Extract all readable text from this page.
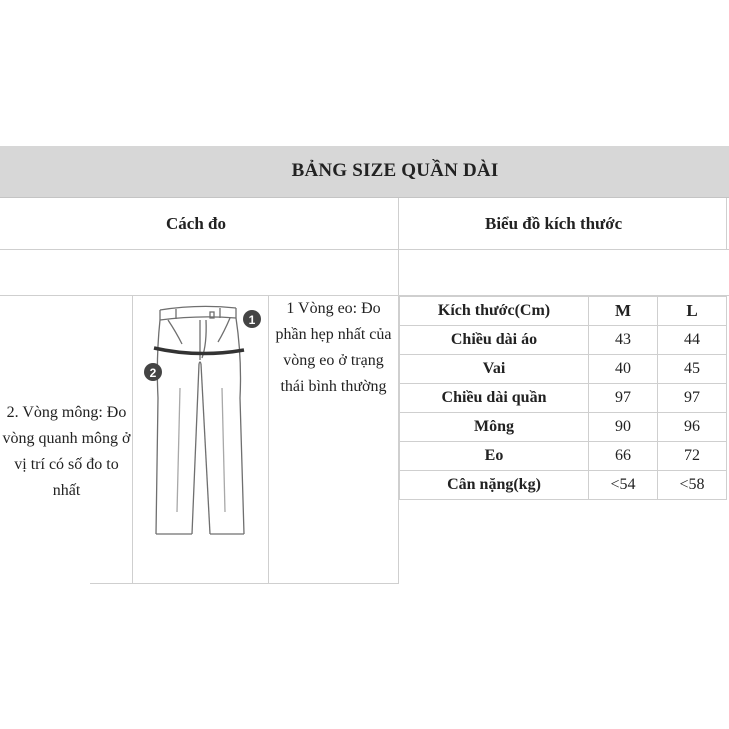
BẢNG SIZE QUẦN DÀI
Cách đo	Biểu đồ kích thước
2. Vòng mông: Đo vòng quanh mông ở vị trí có số đo to nhất
1 Vòng eo: Đo phần hẹp nhất của vòng eo ở trạng thái bình thường
1
2
Kích thước(Cm)	M	L
Chiều dài áo	43	44
Vai	40	45
Chiều dài quần	97	97
Mông	90	96
Eo	66	72
Cân nặng(kg)	<54	<58
